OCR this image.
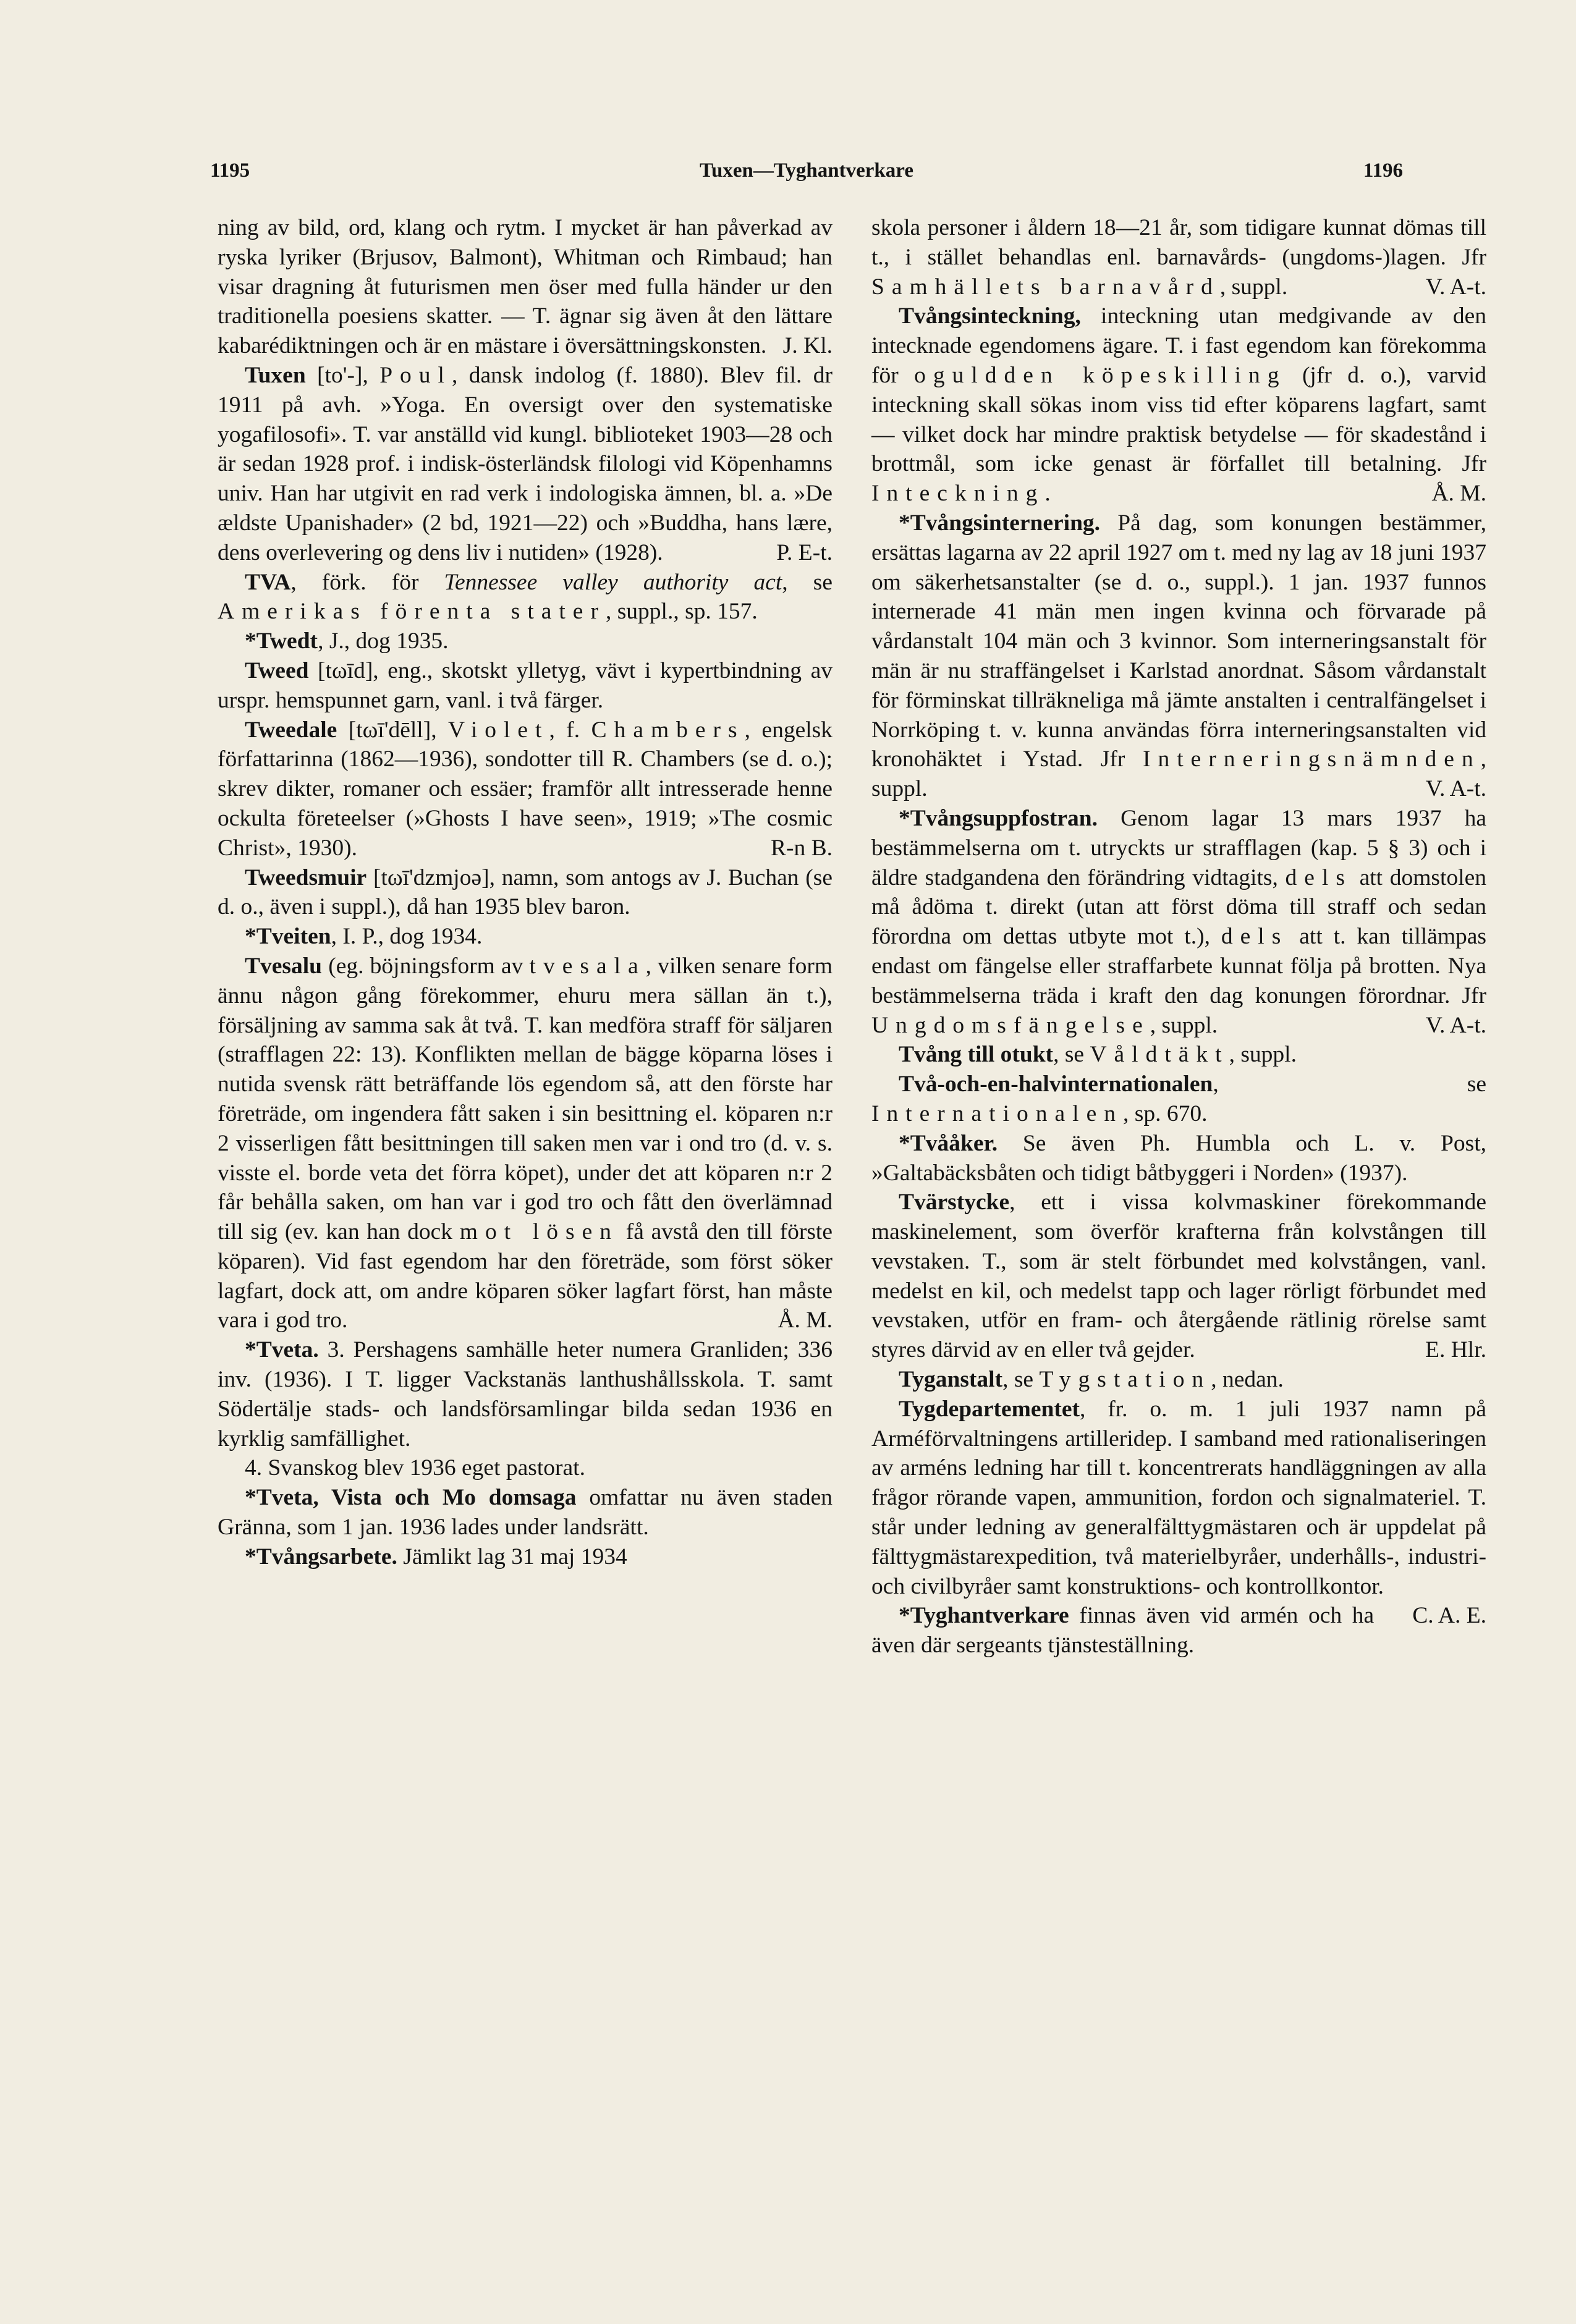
1195	Tuxen—Tyghantverkare	1196

ning av bild, ord, klang och rytm. I mycket är han påverkad av ryska lyriker (Brjusov, Balmont), Whitman och Rimbaud; han visar dragning åt futurismen men öser med fulla händer ur den traditionella poesiens skatter. — T. ägnar sig även åt den lättare kabarédiktningen och är en mästare i översättningskonsten. J. Kl.

Tuxen [to'-], Poul, dansk indolog (f. 1880). Blev fil. dr 1911 på avh. »Yoga. En oversigt over den systematiske yogafilosofi». T. var anställd vid kungl. biblioteket 1903—28 och är sedan 1928 prof. i indisk-österländsk filologi vid Köpenhamns univ. Han har utgivit en rad verk i indologiska ämnen, bl. a. »De ældste Upanishader» (2 bd, 1921—22) och »Buddha, hans lære, dens overlevering og dens liv i nutiden» (1928).	P. E-t.

TVA, förk. för Tennessee valley authority act, se Amerikas förenta stater, suppl., sp. 157.

*Twedt, J., dog 1935.

Tweed [tωīd], eng., skotskt ylletyg, vävt i kypertbindning av urspr. hemspunnet garn, vanl. i två färger.

Tweedale [tωī'dēll], Violet, f. Chambers, engelsk författarinna (1862—1936), sondotter till R. Chambers (se d. o.); skrev dikter, romaner och essäer; framför allt intresserade henne ockulta företeelser (»Ghosts I have seen», 1919; »The cosmic Christ», 1930).	R-n B.

Tweedsmuir [tωī'dzmjoə], namn, som antogs av J. Buchan (se d. o., även i suppl.), då han 1935 blev baron.

*Tveiten, I. P., dog 1934.

Tvesalu (eg. böjningsform av tvesala, vilken senare form ännu någon gång förekommer, ehuru mera sällan än t.), försäljning av samma sak åt två. T. kan medföra straff för säljaren (strafflagen 22: 13). Konflikten mellan de bägge köparna löses i nutida svensk rätt beträffande lös egendom så, att den förste har företräde, om ingendera fått saken i sin besittning el. köparen n:r 2 visserligen fått besittningen till saken men var i ond tro (d. v. s. visste el. borde veta det förra köpet), under det att köparen n:r 2 får behålla saken, om han var i god tro och fått den överlämnad till sig (ev. kan han dock mot lösen få avstå den till förste köparen). Vid fast egendom har den företräde, som först söker lagfart, dock att, om andre köparen söker lagfart först, han måste vara i god tro.	Å. M.

*Tveta. 3. Pershagens samhälle heter numera Granliden; 336 inv. (1936). I T. ligger Vackstanäs lanthushållsskola. T. samt Södertälje stads- och landsförsamlingar bilda sedan 1936 en kyrklig samfällighet.

4. Svanskog blev 1936 eget pastorat.

*Tveta, Vista och Mo domsaga omfattar nu även staden Gränna, som 1 jan. 1936 lades under landsrätt.

*Tvångsarbete. Jämlikt lag 31 maj 1934

skola personer i åldern 18—21 år, som tidigare kunnat dömas till t., i stället behandlas enl. barnavårds- (ungdoms-)lagen. Jfr Samhällets barnavård, suppl.	V. A-t.

Tvångsinteckning, inteckning utan medgivande av den intecknade egendomens ägare. T. i fast egendom kan förekomma för oguldden köpeskilling (jfr d. o.), varvid inteckning skall sökas inom viss tid efter köparens lagfart, samt — vilket dock har mindre praktisk betydelse — för skadestånd i brottmål, som icke genast är förfallet till betalning. Jfr Inteckning.	Å. M.

*Tvångsinternering. På dag, som konungen bestämmer, ersättas lagarna av 22 april 1927 om t. med ny lag av 18 juni 1937 om säkerhetsanstalter (se d. o., suppl.). 1 jan. 1937 funnos internerade 41 män men ingen kvinna och förvarade på vårdanstalt 104 män och 3 kvinnor. Som interneringsanstalt för män är nu straffängelset i Karlstad anordnat. Såsom vårdanstalt för förminskat tillräkneliga må jämte anstalten i centralfängelset i Norrköping t. v. kunna användas förra interneringsanstalten vid kronohäktet i Ystad. Jfr Interneringsnämnden, suppl.	V. A-t.

*Tvångsuppfostran. Genom lagar 13 mars 1937 ha bestämmelserna om t. utryckts ur strafflagen (kap. 5 § 3) och i äldre stadgandena den förändring vidtagits, dels att domstolen må ådöma t. direkt (utan att först döma till straff och sedan förordna om dettas utbyte mot t.), dels att t. kan tillämpas endast om fängelse eller straffarbete kunnat följa på brotten. Nya bestämmelserna träda i kraft den dag konungen förordnar. Jfr Ungdomsfängelse, suppl.	V. A-t.

Tvång till otukt, se Våldtäkt, suppl.

Två-och-en-halvinternationalen, se Internationalen, sp. 670.

*Tvååker. Se även Ph. Humbla och L. v. Post, »Galtabäcksbåten och tidigt båtbyggeri i Norden» (1937).

Tvärstycke, ett i vissa kolvmaskiner förekommande maskinelement, som överför krafterna från kolvstången till vevstaken. T., som är stelt förbundet med kolvstången, vanl. medelst en kil, och medelst tapp och lager rörligt förbundet med vevstaken, utför en fram- och återgående rätlinig rörelse samt styres därvid av en eller två gejder.	E. Hlr.

Tyganstalt, se Tygstation, nedan.

Tygdepartementet, fr. o. m. 1 juli 1937 namn på Arméförvaltningens artilleridep. I samband med rationaliseringen av arméns ledning har till t. koncentrerats handläggningen av alla frågor rörande vapen, ammunition, fordon och signalmateriel. T. står under ledning av generalfälttygmästaren och är uppdelat på fälttygmästarexpedition, två materielbyråer, underhålls-, industri- och civilbyråer samt konstruktions- och kontrollkontor.
C. A. E.

*Tyghantverkare finnas även vid armén och ha även där sergeants tjänsteställning.
